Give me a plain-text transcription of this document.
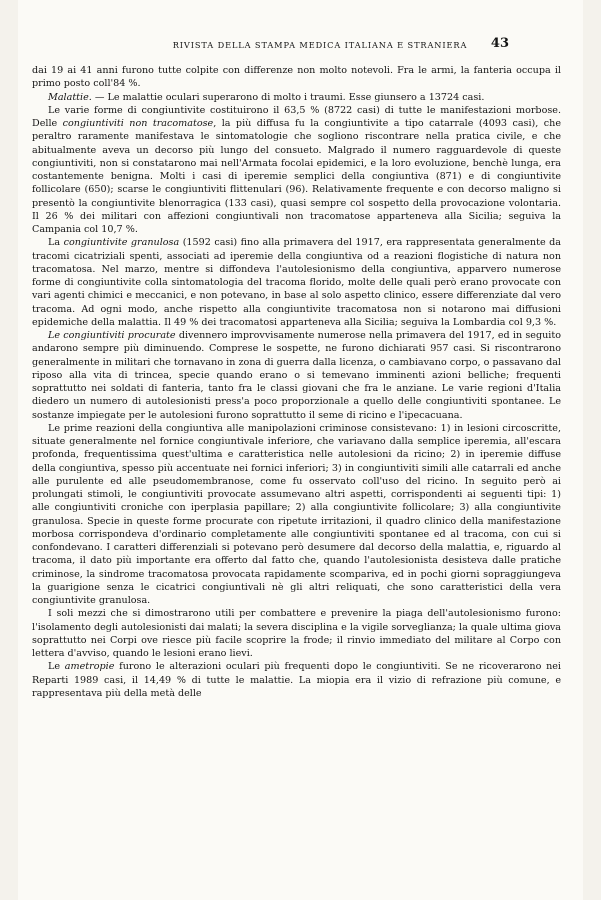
RIVISTA DELLA STAMPA MEDICA ITALIANA E STRANIERA	43

dai 19 ai 41 anni furono tutte colpite con differenze non molto notevoli. Fra le armi, la fanteria occupa il primo posto coll'84 %.

Malattie. — Le malattie oculari superarono di molto i traumi. Esse giunsero a 13724 casi.

Le varie forme di congiuntivite costituirono il 63,5 % (8722 casi) di tutte le manifestazioni morbose. Delle congiuntiviti non tracomatose, la più diffusa fu la congiuntivite a tipo catarrale (4093 casi), che peraltro raramente manifestava le sintomatologie che sogliono riscontrare nella pratica civile, e che abitualmente aveva un decorso più lungo del consueto. Malgrado il numero ragguardevole di queste congiuntiviti, non si constatarono mai nell'Armata focolai epidemici, e la loro evoluzione, benchè lunga, era costantemente benigna. Molti i casi di iperemie semplici della congiuntiva (871) e di congiuntivite follicolare (650); scarse le congiuntiviti flittenulari (96). Relativamente frequente e con decorso maligno si presentò la congiuntivite blenorragica (133 casi), quasi sempre col sospetto della provocazione volontaria. Il 26 % dei militari con affezioni congiuntivali non tracomatose apparteneva alla Sicilia; seguiva la Campania col 10,7 %.

La congiuntivite granulosa (1592 casi) fino alla primavera del 1917, era rappresentata generalmente da tracomi cicatriziali spenti, associati ad iperemie della congiuntiva od a reazioni flogistiche di natura non tracomatosa. Nel marzo, mentre si diffondeva l'autolesionismo della congiuntiva, apparvero numerose forme di congiuntivite colla sintomatologia del tracoma florido, molte delle quali però erano provocate con vari agenti chimici e meccanici, e non potevano, in base al solo aspetto clinico, essere differenziate dal vero tracoma. Ad ogni modo, anche rispetto alla congiuntivite tracomatosa non si notarono mai diffusioni epidemiche della malattia. Il 49 % dei tracomatosi apparteneva alla Sicilia; seguiva la Lombardia col 9,3 %.

Le congiuntiviti procurate divennero improvvisamente numerose nella primavera del 1917, ed in seguito andarono sempre più diminuendo. Comprese le sospette, ne furono dichiarati 957 casi. Si riscontrarono generalmente in militari che tornavano in zona di guerra dalla licenza, o cambiavano corpo, o passavano dal riposo alla vita di trincea, specie quando erano o si temevano imminenti azioni belliche; frequenti soprattutto nei soldati di fanteria, tanto fra le classi giovani che fra le anziane. Le varie regioni d'Italia diedero un numero di autolesionisti press'a poco proporzionale a quello delle congiuntiviti spontanee. Le sostanze impiegate per le autolesioni furono soprattutto il seme di ricino e l'ipecacuana.

Le prime reazioni della congiuntiva alle manipolazioni criminose consistevano: 1) in lesioni circoscritte, situate generalmente nel fornice congiuntivale inferiore, che variavano dalla semplice iperemia, all'escara profonda, frequentissima quest'ultima e caratteristica nelle autolesioni da ricino; 2) in iperemie diffuse della congiuntiva, spesso più accentuate nei fornici inferiori; 3) in congiuntiviti simili alle catarrali ed anche alle purulente ed alle pseudomembranose, come fu osservato coll'uso del ricino. In seguito però ai prolungati stimoli, le congiuntiviti provocate assumevano altri aspetti, corrispondenti ai seguenti tipi: 1) alle congiuntiviti croniche con iperplasia papillare; 2) alla congiuntivite follicolare; 3) alla congiuntivite granulosa. Specie in queste forme procurate con ripetute irritazioni, il quadro clinico della manifestazione morbosa corrispondeva d'ordinario completamente alle congiuntiviti spontanee ed al tracoma, con cui si confondevano. I caratteri differenziali si potevano però desumere dal decorso della malattia, e, riguardo al tracoma, il dato più importante era offerto dal fatto che, quando l'autolesionista desisteva dalle pratiche criminose, la sindrome tracomatosa provocata rapidamente scompariva, ed in pochi giorni sopraggiungeva la guarigione senza le cicatrici congiuntivali nè gli altri reliquati, che sono caratteristici della vera congiuntivite granulosa.

I soli mezzi che si dimostrarono utili per combattere e prevenire la piaga dell'autolesionismo furono: l'isolamento degli autolesionisti dai malati; la severa disciplina e la vigile sorveglianza; la quale ultima giova soprattutto nei Corpi ove riesce più facile scoprire la frode; il rinvio immediato del militare al Corpo con lettera d'avviso, quando le lesioni erano lievi.

Le ametropie furono le alterazioni oculari più frequenti dopo le congiuntiviti. Se ne ricoverarono nei Reparti 1989 casi, il 14,49 % di tutte le malattie. La miopia era il vizio di refrazione più comune, e rappresentava più della metà delle
